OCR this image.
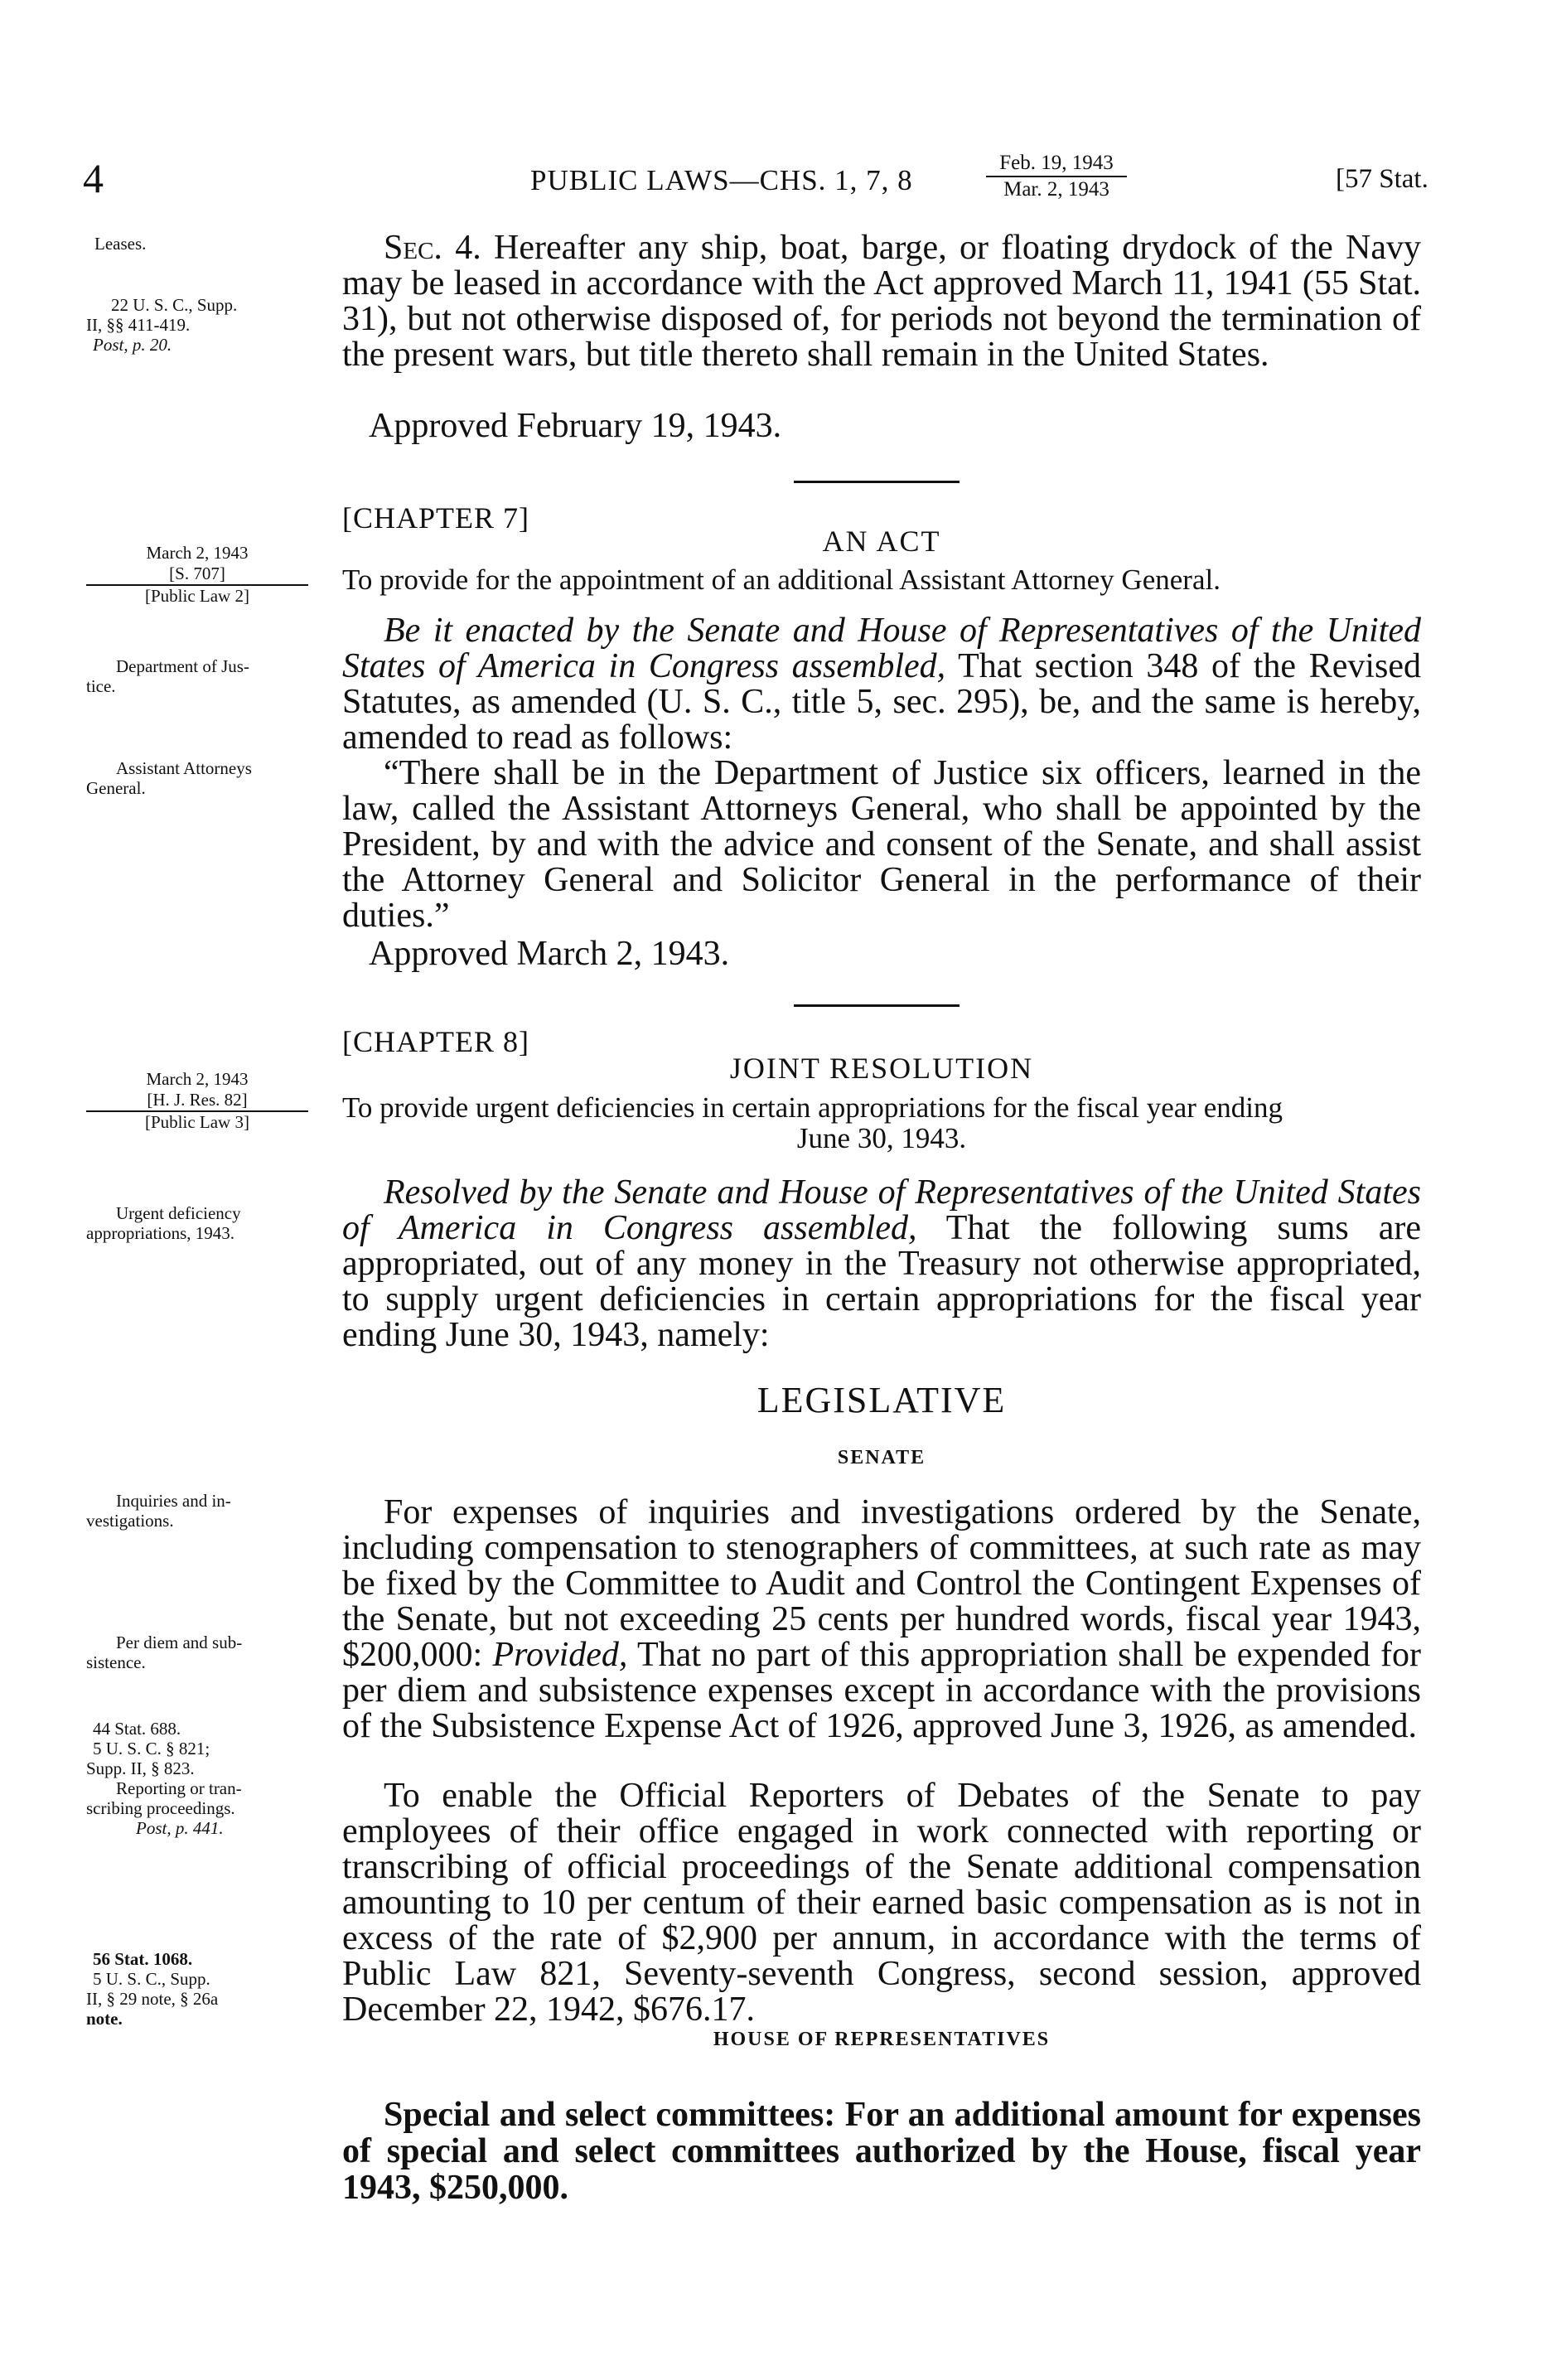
4	PUBLIC LAWS—CHS. 1, 7, 8
Feb. 19, 1943
Mar. 2, 1943	[57 Stat.
Leases.
22 U. S. C., Supp.
II, §§ 411-419.
Post, p. 20.
March 2, 1943
[S. 707]
[Public Law 2]
Department of Jus-
tice.
Assistant Attorneys
General.
March 2, 1943
[H. J. Res. 82]
[Public Law 3]
Urgent deficiency
appropriations, 1943.
Inquiries and in-
vestigations.
Per diem and sub-
sistence.
44 Stat. 688.
5 U. S. C. § 821;
Supp. II, § 823.
Reporting or tran-
scribing proceedings.
Post, p. 441.
56 Stat. 1068.
5 U. S. C., Supp.
II, § 29 note, § 26a
note.

Sec. 4. Hereafter any ship, boat, barge, or floating drydock of the Navy may be leased in accordance with the Act approved March 11, 1941 (55 Stat. 31), but not otherwise disposed of, for periods not beyond the termination of the present wars, but title thereto shall remain in the United States.

Approved February 19, 1943.
[CHAPTER 7]
AN ACT
To provide for the appointment of an additional Assistant Attorney General.

Be it enacted by the Senate and House of Representatives of the United States of America in Congress assembled, That section 348 of the Revised Statutes, as amended (U. S. C., title 5, sec. 295), be, and the same is hereby, amended to read as follows:

“There shall be in the Department of Justice six officers, learned in the law, called the Assistant Attorneys General, who shall be appointed by the President, by and with the advice and consent of the Senate, and shall assist the Attorney General and Solicitor General in the performance of their duties.”

Approved March 2, 1943.
[CHAPTER 8]
JOINT RESOLUTION
To provide urgent deficiencies in certain appropriations for the fiscal year ending
June 30, 1943.

Resolved by the Senate and House of Representatives of the United States of America in Congress assembled, That the following sums are appropriated, out of any money in the Treasury not otherwise appropriated, to supply urgent deficiencies in certain appropriations for the fiscal year ending June 30, 1943, namely:

LEGISLATIVE
SENATE

For expenses of inquiries and investigations ordered by the Senate, including compensation to stenographers of committees, at such rate as may be fixed by the Committee to Audit and Control the Contingent Expenses of the Senate, but not exceeding 25 cents per hundred words, fiscal year 1943, $200,000: Provided, That no part of this appropriation shall be expended for per diem and subsistence expenses except in accordance with the provisions of the Subsistence Expense Act of 1926, approved June 3, 1926, as amended.

To enable the Official Reporters of Debates of the Senate to pay employees of their office engaged in work connected with reporting or transcribing of official proceedings of the Senate additional compensation amounting to 10 per centum of their earned basic compensation as is not in excess of the rate of $2,900 per annum, in accordance with the terms of Public Law 821, Seventy-seventh Congress, second session, approved December 22, 1942, $676.17.

HOUSE OF REPRESENTATIVES

Special and select committees: For an additional amount for expenses of special and select committees authorized by the House, fiscal year 1943, $250,000.
